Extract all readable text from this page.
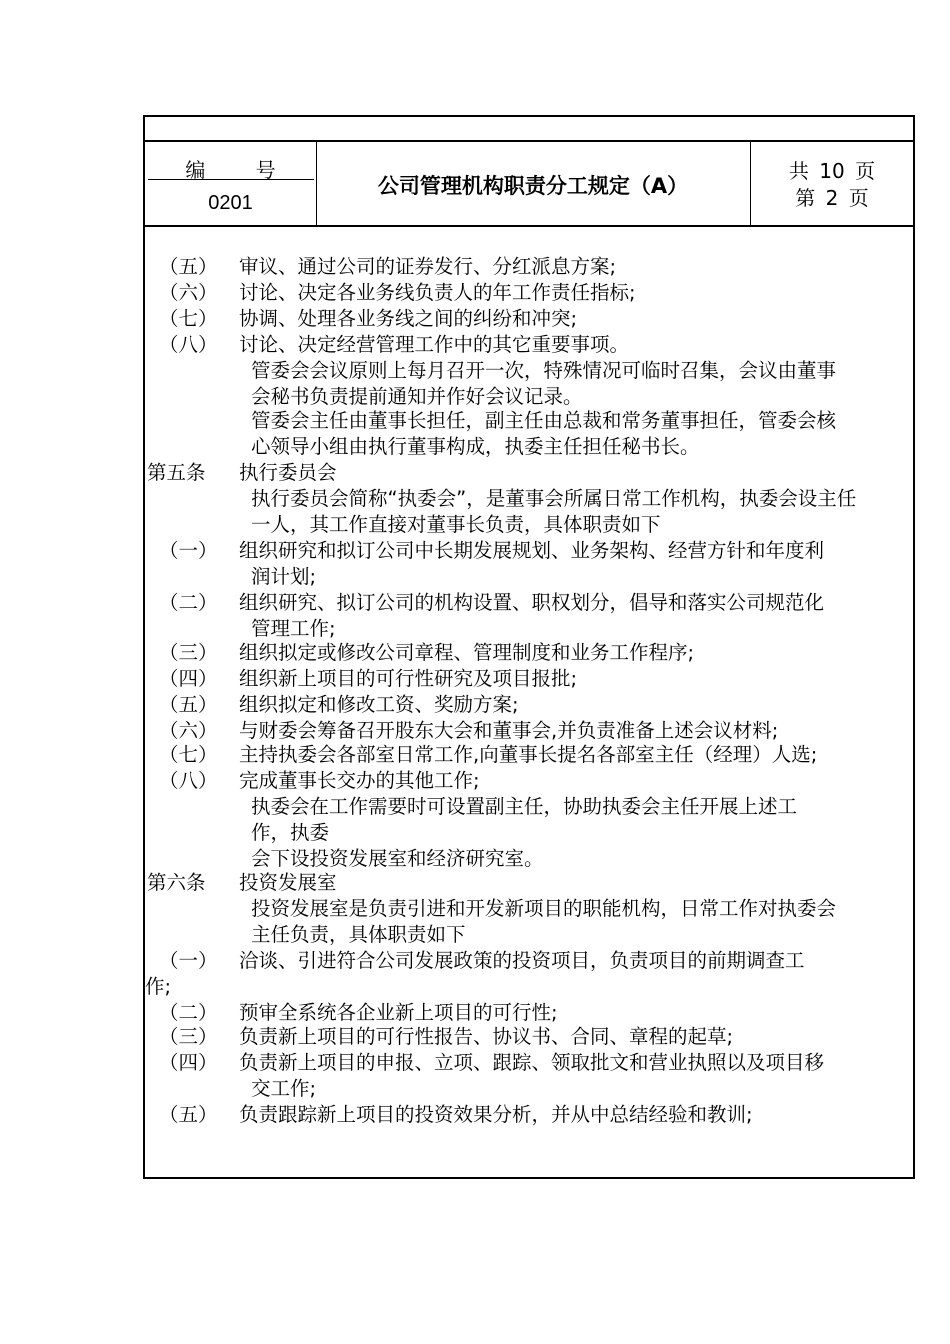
编 号
0201
公司管理机构职责分工规定（A）
共 10 页
第 2 页
（五） 审议、通过公司的证券发行、分红派息方案;
（六） 讨论、决定各业务线负责人的年工作责任指标;
（七） 协调、处理各业务线之间的纠纷和冲突;
（八） 讨论、决定经营管理工作中的其它重要事项。
管委会会议原则上每月召开一次，特殊情况可临时召集，会议由董事
会秘书负责提前通知并作好会议记录。
管委会主任由董事长担任，副主任由总裁和常务董事担任，管委会核
心领导小组由执行董事构成，执委主任担任秘书长。
第五条 执行委员会
执行委员会简称“执委会”，是董事会所属日常工作机构，执委会设主任
一人，其工作直接对董事长负责，具体职责如下
（一） 组织研究和拟订公司中长期发展规划、业务架构、经营方针和年度利
润计划;
（二） 组织研究、拟订公司的机构设置、职权划分，倡导和落实公司规范化
管理工作;
（三） 组织拟定或修改公司章程、管理制度和业务工作程序;
（四） 组织新上项目的可行性研究及项目报批;
（五） 组织拟定和修改工资、奖励方案;
（六） 与财委会筹备召开股东大会和董事会,并负责准备上述会议材料;
（七） 主持执委会各部室日常工作,向董事长提名各部室主任（经理）人选;
（八） 完成董事长交办的其他工作;
执委会在工作需要时可设置副主任，协助执委会主任开展上述工
作，执委
会下设投资发展室和经济研究室。
第六条 投资发展室
投资发展室是负责引进和开发新项目的职能机构，日常工作对执委会
主任负责，具体职责如下
（一） 洽谈、引进符合公司发展政策的投资项目，负责项目的前期调查工
作;
（二） 预审全系统各企业新上项目的可行性;
（三） 负责新上项目的可行性报告、协议书、合同、章程的起草;
（四） 负责新上项目的申报、立项、跟踪、领取批文和营业执照以及项目移
交工作;
（五） 负责跟踪新上项目的投资效果分析，并从中总结经验和教训;
